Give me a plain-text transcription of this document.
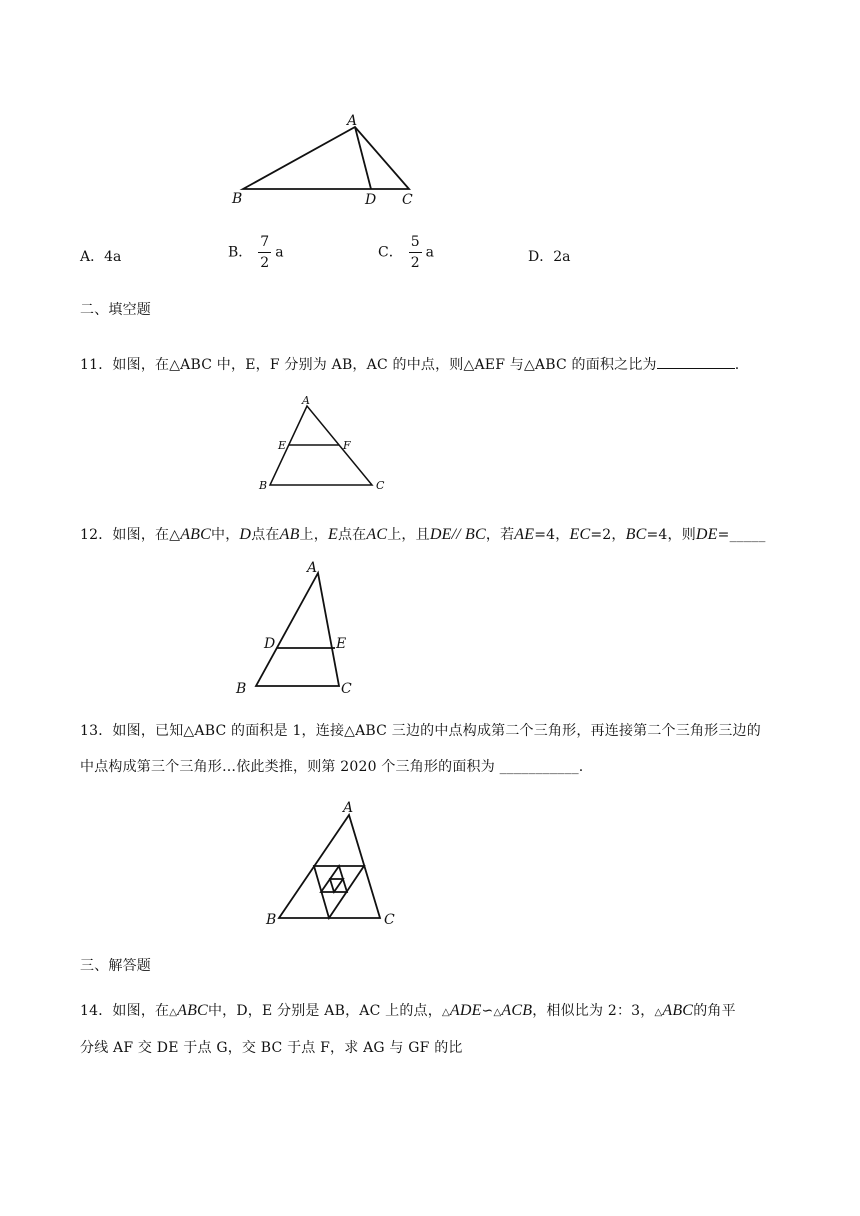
A
B	D C
A．4a	B． $\frac{7}{2}$ a	C． $\frac{5}{2}$ a	D．2a
二、填空题
11．如图，在△ABC 中，E，F 分别为 AB，AC 的中点，则△AEF 与△ABC 的面积之比为	.
A
E	F
B	C
12．如图，在△ABC中，D点在AB上，E点在AC上，且DE// BC，若AE=4，EC=2，BC=4，则DE=_____
A
D	E
B	C
13．如图，已知△ABC 的面积是 1，连接△ABC 三边的中点构成第二个三角形，再连接第二个三角形三边的
中点构成第三个三角形…依此类推，则第 2020 个三角形的面积为 ___________.
A
B	C
三、解答题
14．如图，在△ABC中，D，E 分别是 AB，AC 上的点，△ADE∽△ACB，相似比为 2：3，△ABC的角平
分线 AF 交 DE 于点 G，交 BC 于点 F，求 AG 与 GF 的比
